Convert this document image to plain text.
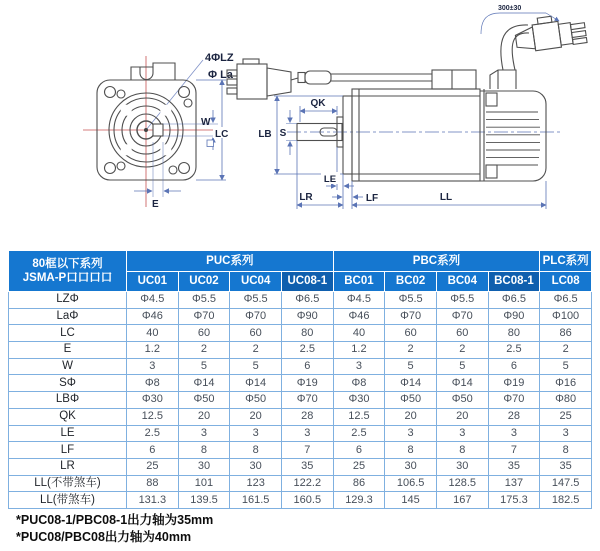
4ΦLZ
Φ La
W
LC
E
300±30
QK
S
LB
LE
LF
LR	LL
80框以下系列
JSMA-P口口口口	PUC系列				PBC系列				PLC系列
	UC01	UC02	UC04	UC08-1	BC01	BC02	BC04	BC08-1	LC08
LZΦ	Φ4.5	Φ5.5	Φ5.5	Φ6.5	Φ4.5	Φ5.5	Φ5.5	Φ6.5	Φ6.5
LaΦ	Φ46	Φ70	Φ70	Φ90	Φ46	Φ70	Φ70	Φ90	Φ100
LC	40	60	60	80	40	60	60	80	86
E	1.2	2	2	2.5	1.2	2	2	2.5	2
W	3	5	5	6	3	5	5	6	5
SΦ	Φ8	Φ14	Φ14	Φ19	Φ8	Φ14	Φ14	Φ19	Φ16
LBΦ	Φ30	Φ50	Φ50	Φ70	Φ30	Φ50	Φ50	Φ70	Φ80
QK	12.5	20	20	28	12.5	20	20	28	25
LE	2.5	3	3	3	2.5	3	3	3	3
LF	6	8	8	7	6	8	8	7	8
LR	25	30	30	35	25	30	30	35	35
LL(不带煞车)	88	101	123	122.2	86	106.5	128.5	137	147.5
LL(带煞车)	131.3	139.5	161.5	160.5	129.3	145	167	175.3	182.5
*PUC08-1/PBC08-1出力轴为35mm
*PUC08/PBC08出力轴为40mm
